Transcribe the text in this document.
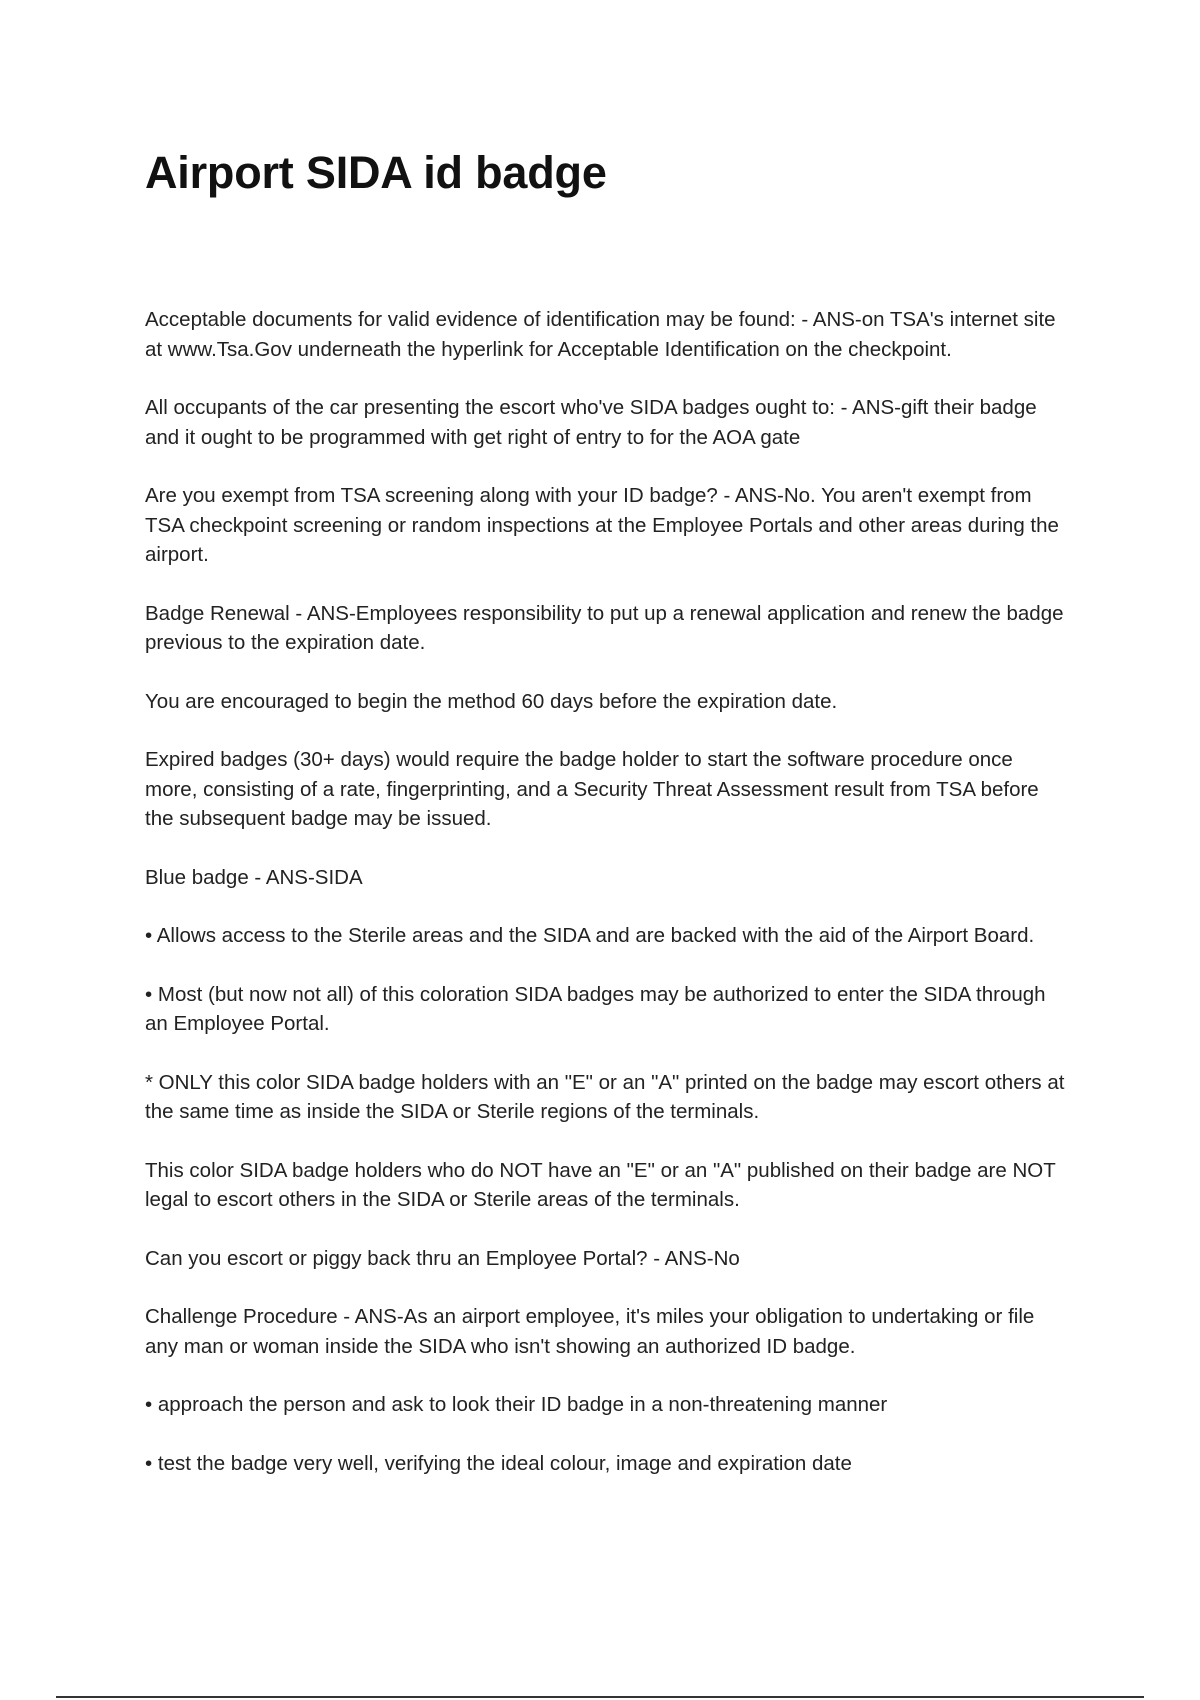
Airport SIDA id badge

Acceptable documents for valid evidence of identification may be found: - ANS-on TSA's internet site at www.Tsa.Gov underneath the hyperlink for Acceptable Identification on the checkpoint.

All occupants of the car presenting the escort who've SIDA badges ought to: - ANS-gift their badge and it ought to be programmed with get right of entry to for the AOA gate

Are you exempt from TSA screening along with your ID badge? - ANS-No. You aren't exempt from TSA checkpoint screening or random inspections at the Employee Portals and other areas during the airport.

Badge Renewal - ANS-Employees responsibility to put up a renewal application and renew the badge previous to the expiration date.

You are encouraged to begin the method 60 days before the expiration date.

Expired badges (30+ days) would require the badge holder to start the software procedure once more, consisting of a rate, fingerprinting, and a Security Threat Assessment result from TSA before the subsequent badge may be issued.

Blue badge - ANS-SIDA

• Allows access to the Sterile areas and the SIDA and are backed with the aid of the Airport Board.

• Most (but now not all) of this coloration SIDA badges may be authorized to enter the SIDA through an Employee Portal.

* ONLY this color SIDA badge holders with an "E" or an "A" printed on the badge may escort others at the same time as inside the SIDA or Sterile regions of the terminals.

This color SIDA badge holders who do NOT have an "E" or an "A" published on their badge are NOT legal to escort others in the SIDA or Sterile areas of the terminals.

Can you escort or piggy back thru an Employee Portal? - ANS-No

Challenge Procedure - ANS-As an airport employee, it's miles your obligation to undertaking or file any man or woman inside the SIDA who isn't showing an authorized ID badge.

• approach the person and ask to look their ID badge in a non-threatening manner

• test the badge very well, verifying the ideal colour, image and expiration date
